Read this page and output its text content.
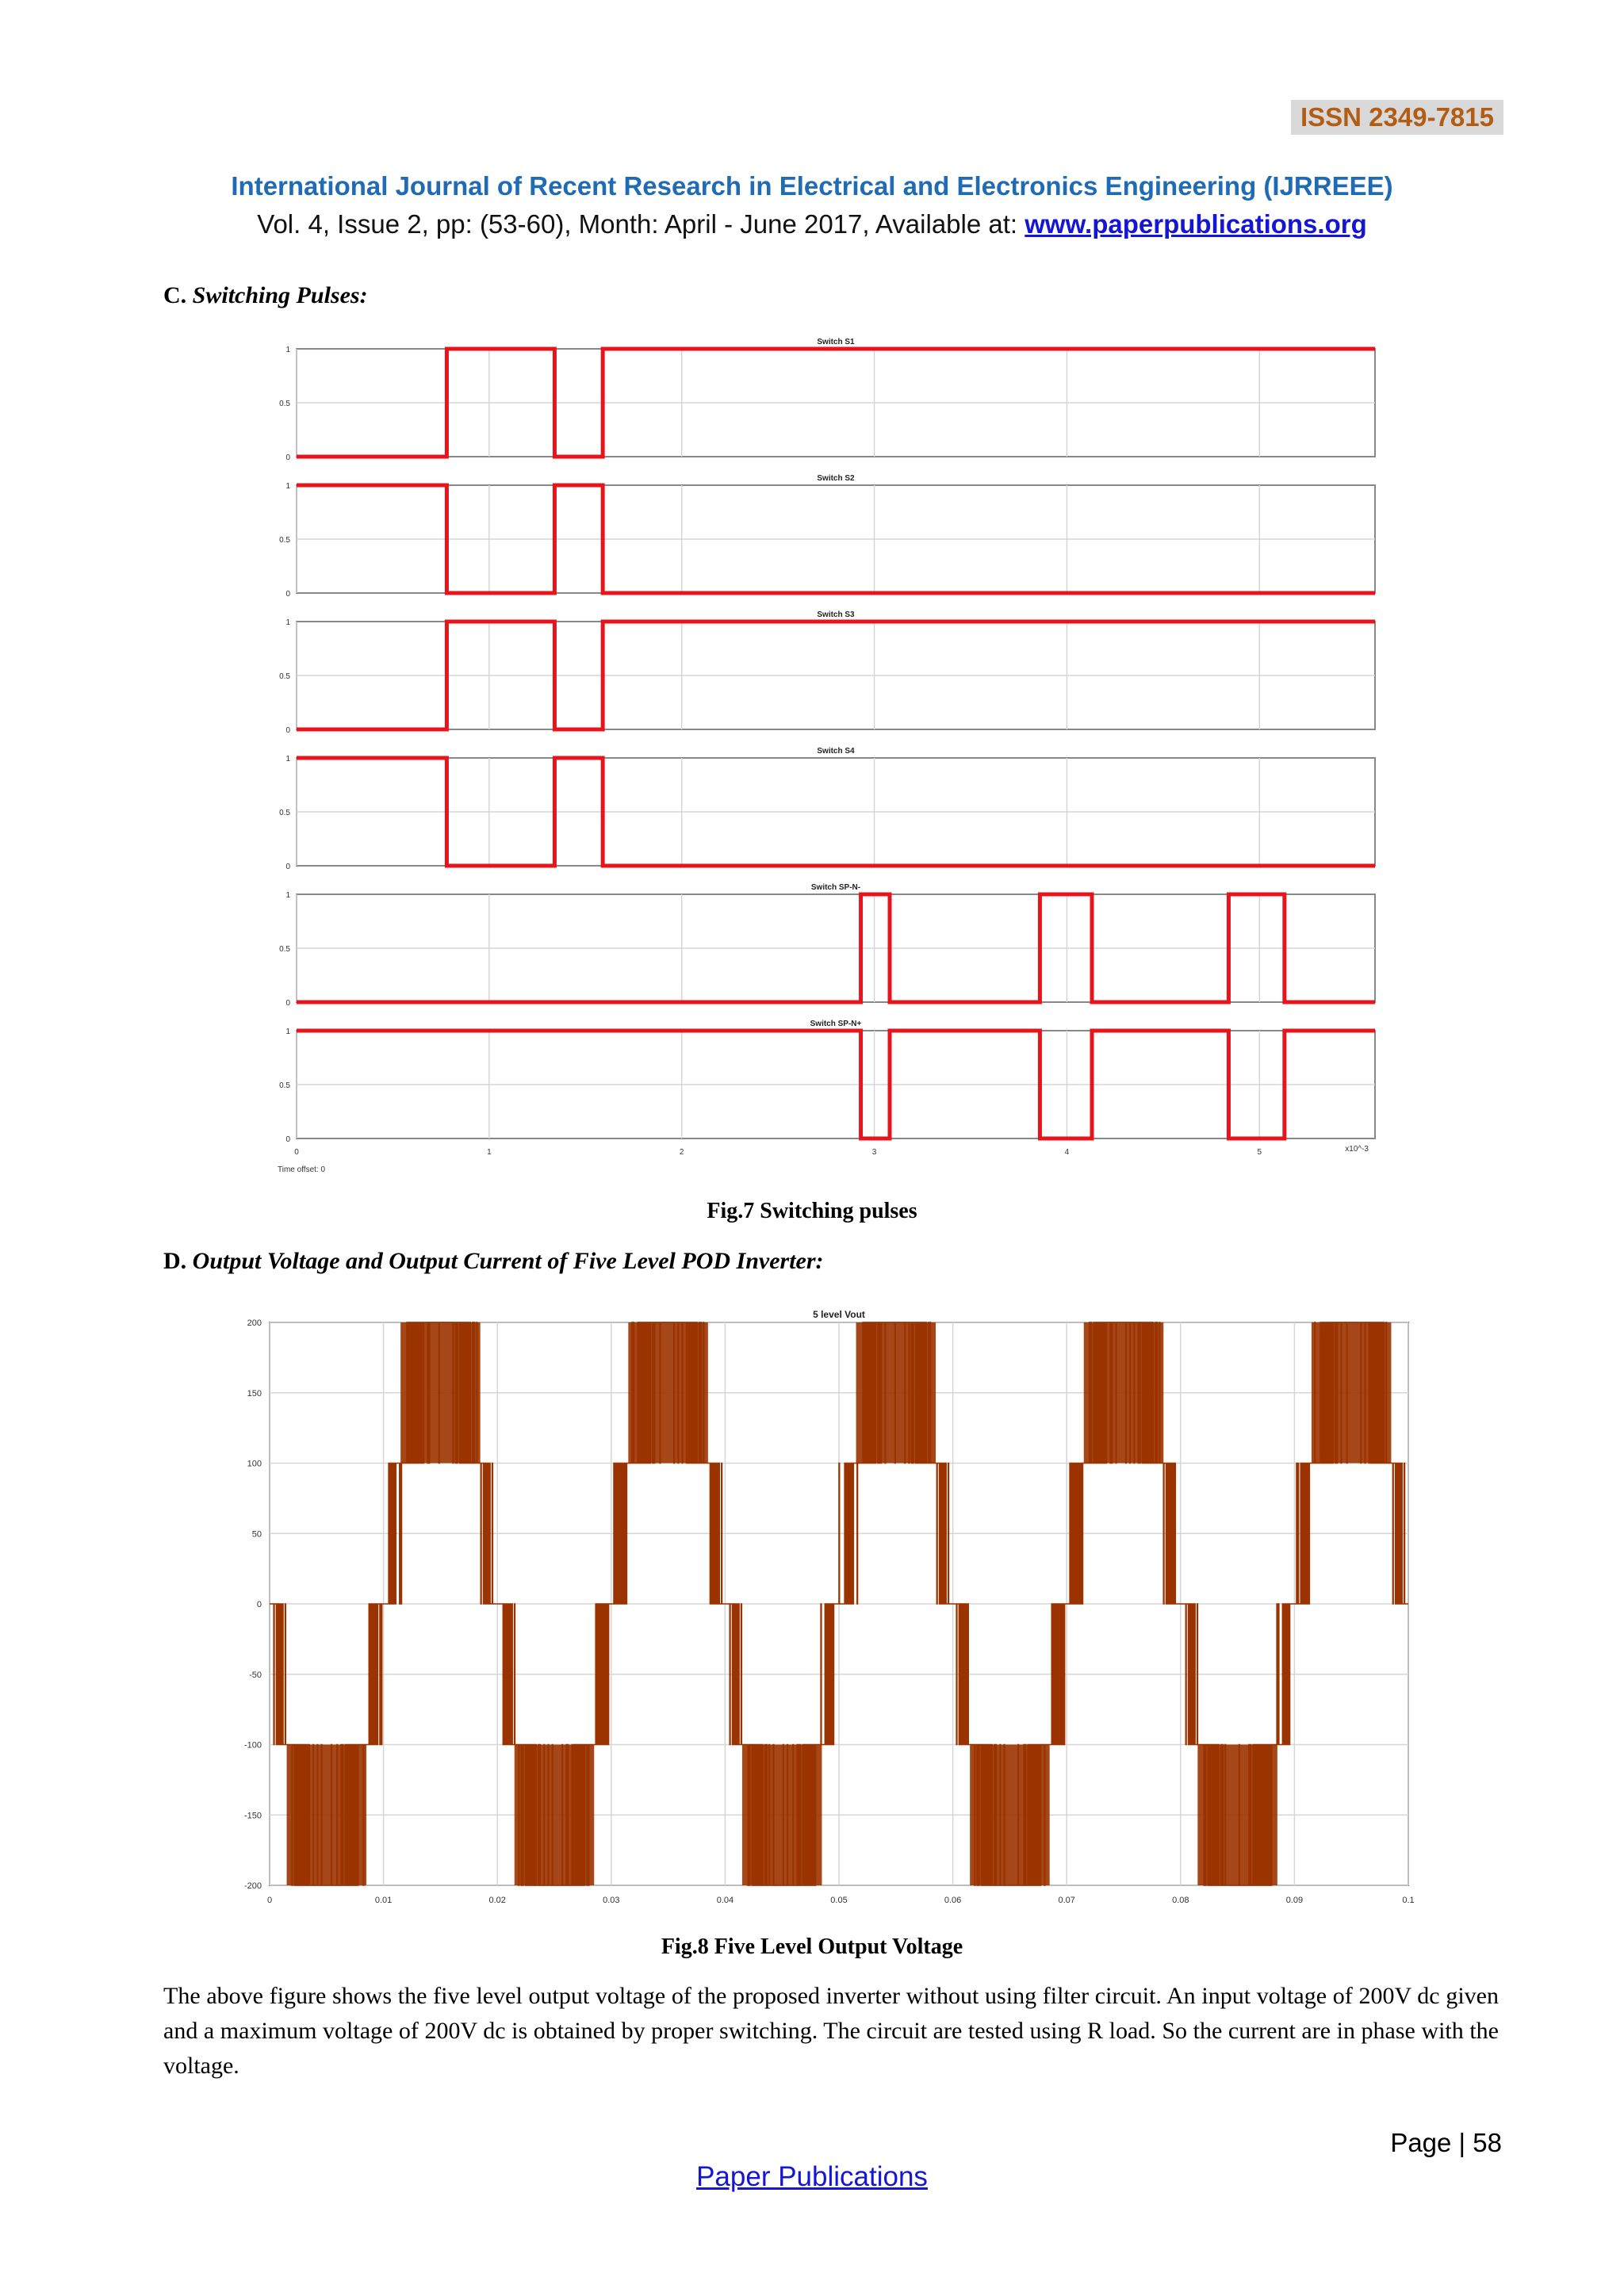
ISSN 2349-7815
International Journal of Recent Research in Electrical and Electronics Engineering (IJRREEE)
Vol. 4, Issue 2, pp: (53-60), Month: April - June 2017, Available at: www.paperpublications.org
C. Switching Pulses:
0
0.5
1
Switch S1
0
0.5
1
Switch S2
0
0.5
1
Switch S3
0
0.5
1
Switch S4
0
0.5
1
Switch SP-N-
0
0.5
1
Switch SP-N+
0	1	2	3	4	5	x10^-3
Time offset: 0
Fig.7 Switching pulses
D. Output Voltage and Output Current of Five Level POD Inverter:
0	0.01	0.02	0.03	0.04	0.05	0.06	0.07	0.08	0.09	0.1
200
150
100
50
0
-50
-100
-150
-200
5 level Vout
Fig.8 Five Level Output Voltage
The above figure shows the five level output voltage of the proposed inverter without using filter circuit. An input voltage of 200V dc given and a maximum voltage of 200V dc is obtained by proper switching. The circuit are tested using R load. So the current are in phase with the voltage.
Page | 58
Paper Publications
